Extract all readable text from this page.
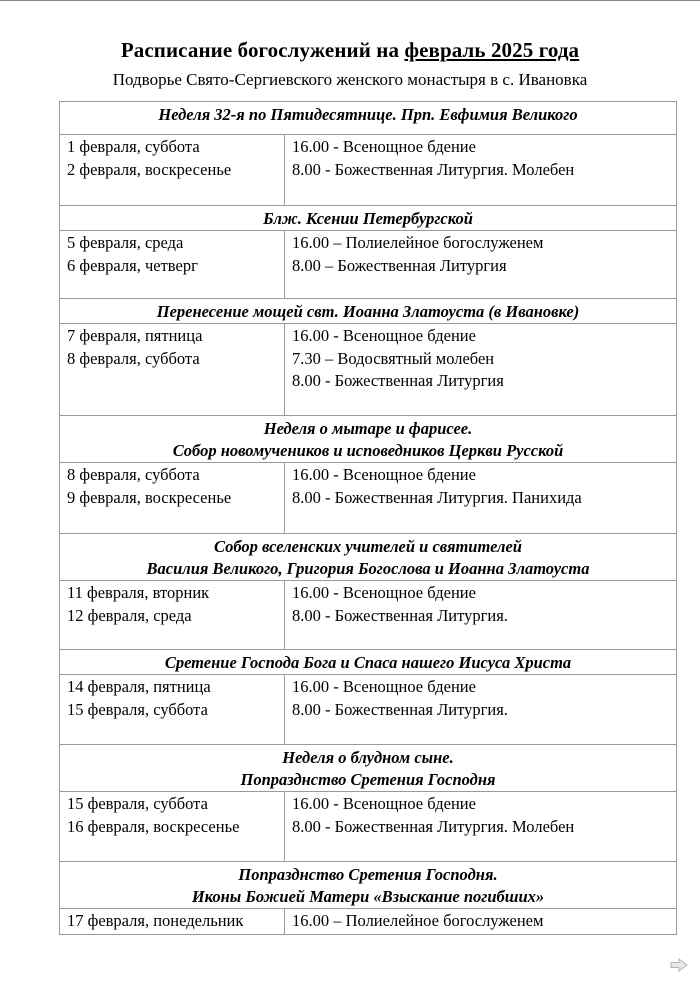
Расписание богослужений на февраль 2025 года
Подворье Свято-Сергиевского женского монастыря в с. Ивановка
Неделя 32-я по Пятидесятнице. Прп. Евфимия Великого
1 февраля, суббота
2 февраля, воскресенье
16.00 - Всенощное бдение
8.00 - Божественная Литургия. Молебен
Блж. Ксении Петербургской
5 февраля, среда
6 февраля, четверг
16.00 – Полиелейное богослуженем
8.00 – Божественная Литургия
Перенесение мощей свт. Иоанна Златоуста (в Ивановке)
7 февраля, пятница
8 февраля, суббота
16.00 - Всенощное бдение
7.30 – Водосвятный молебен
8.00 - Божественная Литургия
Неделя о мытаре и фарисее.
Собор новомучеников и исповедников Церкви Русской
8 февраля, суббота
9 февраля, воскресенье
16.00 - Всенощное бдение
8.00 - Божественная Литургия. Панихида
Собор вселенских учителей и святителей
Василия Великого, Григория Богослова и Иоанна Златоуста
11 февраля, вторник
12 февраля, среда
16.00 - Всенощное бдение
8.00 - Божественная Литургия.
Сретение Господа Бога и Спаса нашего Иисуса Христа
14 февраля, пятница
15 февраля, суббота
16.00 - Всенощное бдение
8.00 - Божественная Литургия.
Неделя о блудном сыне.
Попразднство Сретения Господня
15 февраля, суббота
16 февраля, воскресенье
16.00 - Всенощное бдение
8.00 - Божественная Литургия. Молебен
Попразднство Сретения Господня.
Иконы Божией Матери «Взыскание погибших»
17 февраля, понедельник	16.00 – Полиелейное богослуженем
